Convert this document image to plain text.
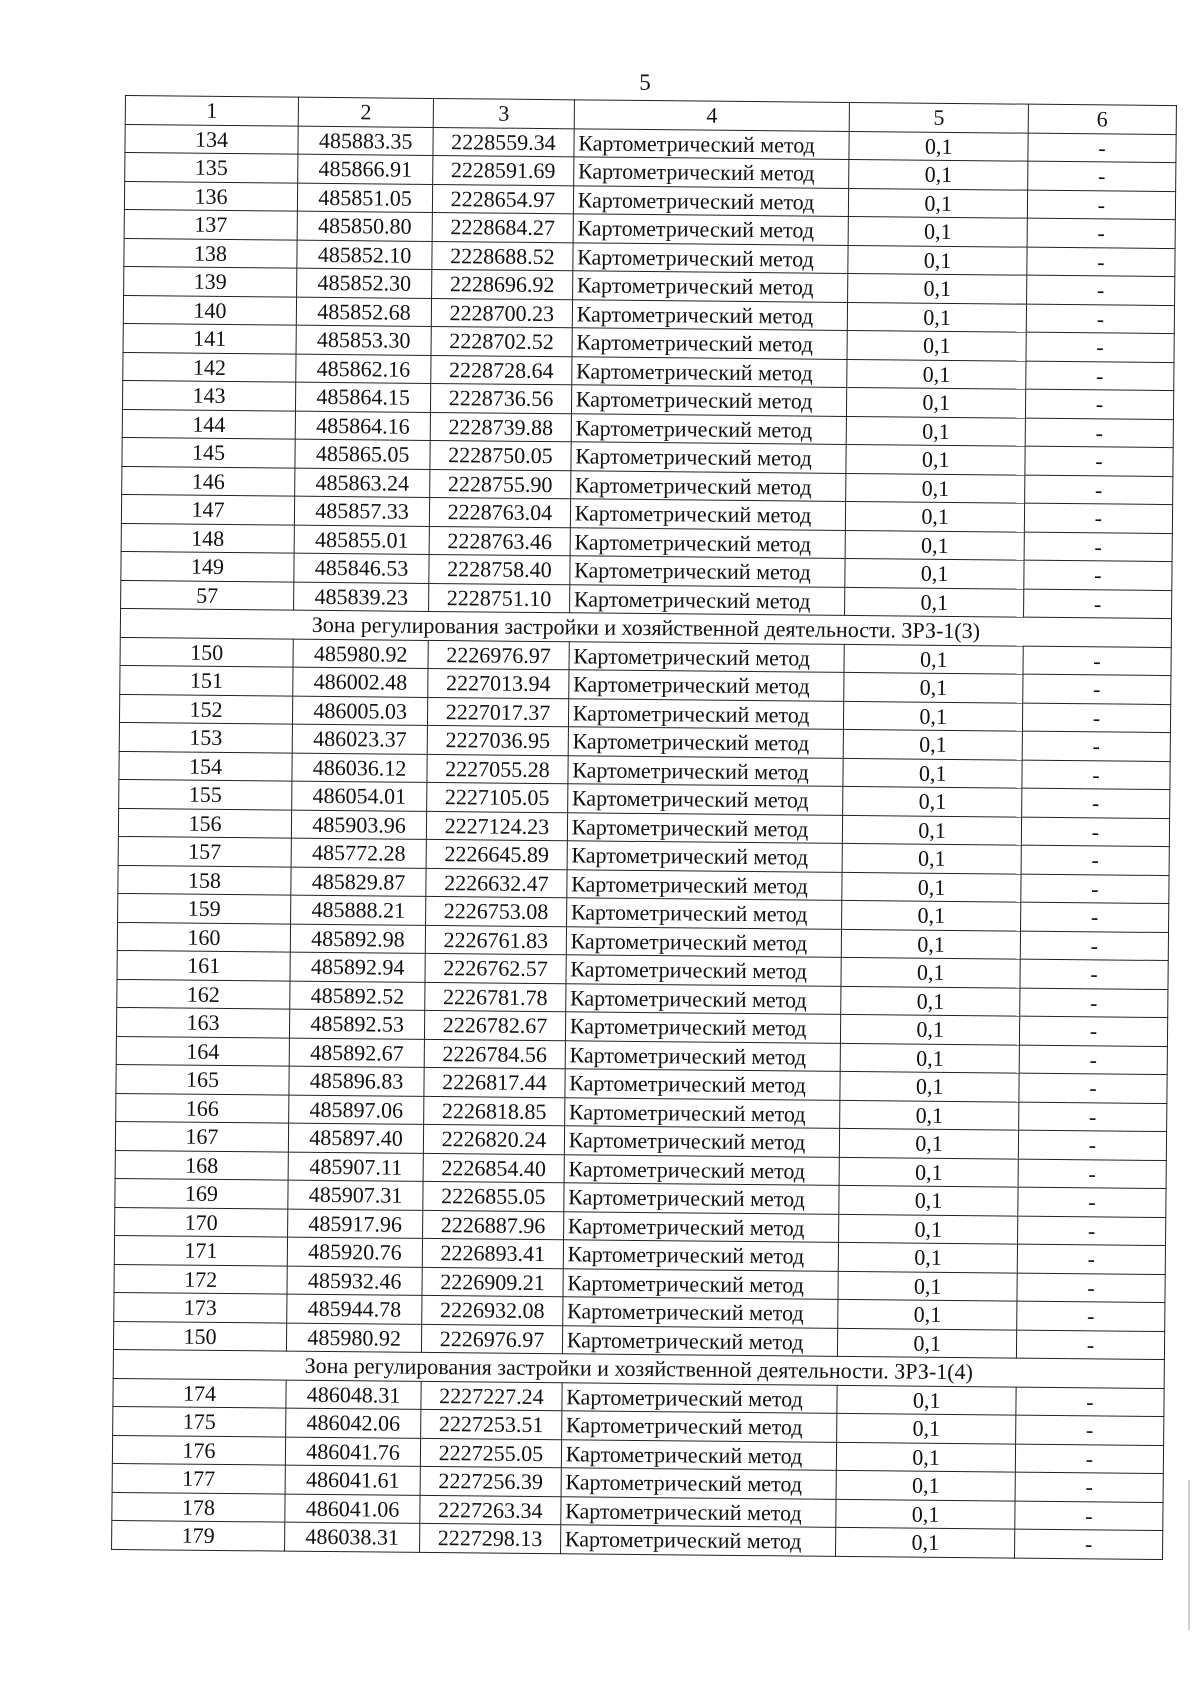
5
1	2	3	4	5	6
134	485883.35	2228559.34	Картометрический метод	0,1	-
135	485866.91	2228591.69	Картометрический метод	0,1	-
136	485851.05	2228654.97	Картометрический метод	0,1	-
137	485850.80	2228684.27	Картометрический метод	0,1	-
138	485852.10	2228688.52	Картометрический метод	0,1	-
139	485852.30	2228696.92	Картометрический метод	0,1	-
140	485852.68	2228700.23	Картометрический метод	0,1	-
141	485853.30	2228702.52	Картометрический метод	0,1	-
142	485862.16	2228728.64	Картометрический метод	0,1	-
143	485864.15	2228736.56	Картометрический метод	0,1	-
144	485864.16	2228739.88	Картометрический метод	0,1	-
145	485865.05	2228750.05	Картометрический метод	0,1	-
146	485863.24	2228755.90	Картометрический метод	0,1	-
147	485857.33	2228763.04	Картометрический метод	0,1	-
148	485855.01	2228763.46	Картометрический метод	0,1	-
149	485846.53	2228758.40	Картометрический метод	0,1	-
57	485839.23	2228751.10	Картометрический метод	0,1	-
Зона регулирования застройки и хозяйственной деятельности. ЗРЗ-1(3)					
150	485980.92	2226976.97	Картометрический метод	0,1	-
151	486002.48	2227013.94	Картометрический метод	0,1	-
152	486005.03	2227017.37	Картометрический метод	0,1	-
153	486023.37	2227036.95	Картометрический метод	0,1	-
154	486036.12	2227055.28	Картометрический метод	0,1	-
155	486054.01	2227105.05	Картометрический метод	0,1	-
156	485903.96	2227124.23	Картометрический метод	0,1	-
157	485772.28	2226645.89	Картометрический метод	0,1	-
158	485829.87	2226632.47	Картометрический метод	0,1	-
159	485888.21	2226753.08	Картометрический метод	0,1	-
160	485892.98	2226761.83	Картометрический метод	0,1	-
161	485892.94	2226762.57	Картометрический метод	0,1	-
162	485892.52	2226781.78	Картометрический метод	0,1	-
163	485892.53	2226782.67	Картометрический метод	0,1	-
164	485892.67	2226784.56	Картометрический метод	0,1	-
165	485896.83	2226817.44	Картометрический метод	0,1	-
166	485897.06	2226818.85	Картометрический метод	0,1	-
167	485897.40	2226820.24	Картометрический метод	0,1	-
168	485907.11	2226854.40	Картометрический метод	0,1	-
169	485907.31	2226855.05	Картометрический метод	0,1	-
170	485917.96	2226887.96	Картометрический метод	0,1	-
171	485920.76	2226893.41	Картометрический метод	0,1	-
172	485932.46	2226909.21	Картометрический метод	0,1	-
173	485944.78	2226932.08	Картометрический метод	0,1	-
150	485980.92	2226976.97	Картометрический метод	0,1	-
Зона регулирования застройки и хозяйственной деятельности. ЗРЗ-1(4)					
174	486048.31	2227227.24	Картометрический метод	0,1	-
175	486042.06	2227253.51	Картометрический метод	0,1	-
176	486041.76	2227255.05	Картометрический метод	0,1	-
177	486041.61	2227256.39	Картометрический метод	0,1	-
178	486041.06	2227263.34	Картометрический метод	0,1	-
179	486038.31	2227298.13	Картометрический метод	0,1	-
